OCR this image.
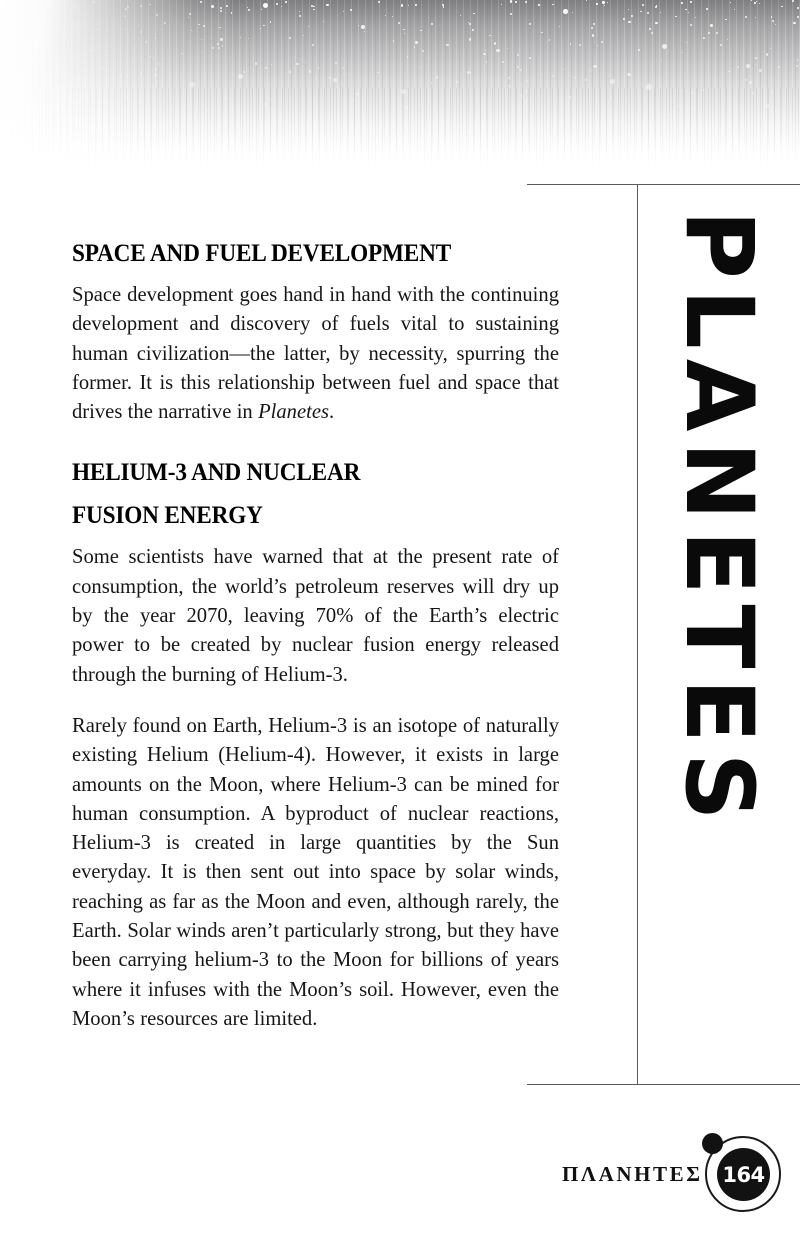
PLANETES
SPACE AND FUEL DEVELOPMENT

Space development goes hand in hand with the continuing development and discovery of fuels vital to sustaining human civilization—the latter, by necessity, spurring the former. It is this relationship between fuel and space that drives the narrative in Planetes.

HELIUM-3 AND NUCLEAR
FUSION ENERGY

Some scientists have warned that at the present rate of consumption, the world’s petroleum reserves will dry up by the year 2070, leaving 70% of the Earth’s electric power to be created by nuclear fusion energy released through the burning of Helium-3.

Rarely found on Earth, Helium-3 is an isotope of naturally existing Helium (Helium-4). However, it exists in large amounts on the Moon, where Helium-3 can be mined for human consumption. A byproduct of nuclear reactions, Helium-3 is created in large quantities by the Sun everyday. It is then sent out into space by solar winds, reaching as far as the Moon and even, although rarely, the Earth. Solar winds aren’t particularly strong, but they have been carrying helium-3 to the Moon for billions of years where it infuses with the Moon’s soil. However, even the Moon’s resources are limited.

ΠΛΑΝΗΤΕΣ 164
